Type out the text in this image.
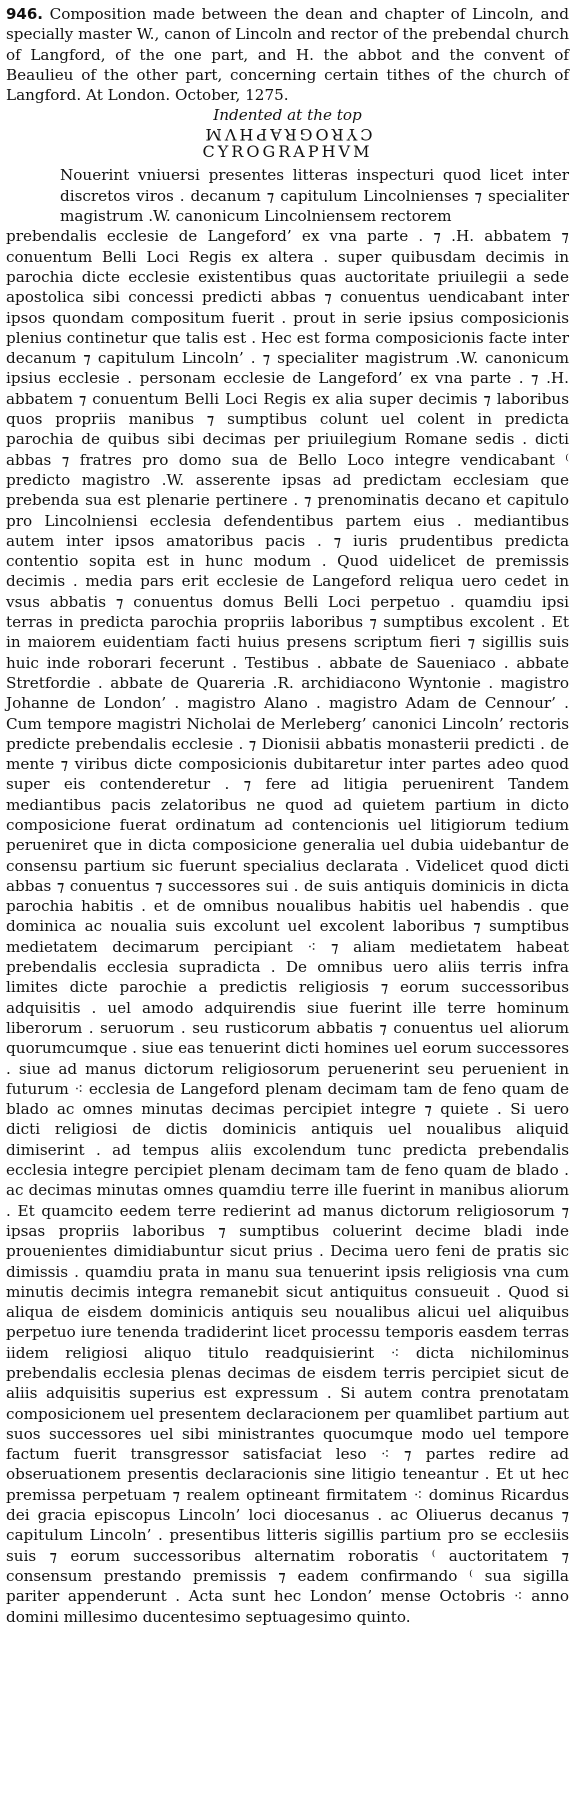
946. Composition made between the dean and chapter of Lincoln, and specially master W., canon of Lincoln and rector of the prebendal church of Langford, of the one part, and H. the abbot and the convent of Beaulieu of the other part, concerning certain tithes of the church of Langford. At London. October, 1275.

Indented at the top

CYROGRAPHVM
CYROGRAPHVM

Nouerint vniuersi presentes litteras inspecturi quod licet inter discretos viros . decanum ⁊ capitulum Lincolnienses ⁊ specialiter magistrum .W. canonicum Lincolniensem rectorem

prebendalis ecclesie de Langeford’ ex vna parte . ⁊ .H. abbatem ⁊ conuentum Belli Loci Regis ex altera . super quibusdam decimis in parochia dicte ecclesie existentibus quas auctoritate priuilegii a sede apostolica sibi concessi predicti abbas ⁊ conuentus uendicabant inter ipsos quondam compositum fuerit . prout in serie ipsius composicionis plenius continetur que talis est . Hec est forma composicionis facte inter decanum ⁊ capitulum Lincoln’ . ⁊ specialiter magistrum .W. canonicum ipsius ecclesie . personam ecclesie de Langeford’ ex vna parte . ⁊ .H. abbatem ⁊ conuentum Belli Loci Regis ex alia super decimis ⁊ laboribus quos propriis manibus ⁊ sumptibus colunt uel colent in predicta parochia de quibus sibi decimas per priuilegium Romane sedis . dicti abbas ⁊ fratres pro domo sua de Bello Loco integre vendicabant ⁽ predicto magistro .W. asserente ipsas ad predictam ecclesiam que prebenda sua est plenarie pertinere . ⁊ prenominatis decano et capitulo pro Lincolniensi ecclesia defendentibus partem eius . mediantibus autem inter ipsos amatoribus pacis . ⁊ iuris prudentibus predicta contentio sopita est in hunc modum . Quod uidelicet de premissis decimis . media pars erit ecclesie de Langeford reliqua uero cedet in vsus abbatis ⁊ conuentus domus Belli Loci perpetuo . quamdiu ipsi terras in predicta parochia propriis laboribus ⁊ sumptibus excolent . Et in maiorem euidentiam facti huius presens scriptum fieri ⁊ sigillis suis huic inde roborari fecerunt . Testibus . abbate de Saueniaco . abbate Stretfordie . abbate de Quareria .R. archidiacono Wyntonie . magistro Johanne de London’ . magistro Alano . magistro Adam de Cennour’ . Cum tempore magistri Nicholai de Merleberg’ canonici Lincoln’ rectoris predicte prebendalis ecclesie . ⁊ Dionisii abbatis monasterii predicti . de mente ⁊ viribus dicte composicionis dubitaretur inter partes adeo quod super eis contenderetur . ⁊ fere ad litigia peruenirent Tandem mediantibus pacis zelatoribus ne quod ad quietem partium in dicto composicione fuerat ordinatum ad contencionis uel litigiorum tedium perueniret que in dicta composicione generalia uel dubia uidebantur de consensu partium sic fuerunt specialius declarata . Videlicet quod dicti abbas ⁊ conuentus ⁊ successores sui . de suis antiquis dominicis in dicta parochia habitis . et de omnibus noualibus habitis uel habendis . que dominica ac noualia suis excolunt uel excolent laboribus ⁊ sumptibus medietatem decimarum percipiant ⁖ ⁊ aliam medietatem habeat prebendalis ecclesia supradicta . De omnibus uero aliis terris infra limites dicte parochie a predictis religiosis ⁊ eorum successoribus adquisitis . uel amodo adquirendis siue fuerint ille terre hominum liberorum . seruorum . seu rusticorum abbatis ⁊ conuentus uel aliorum quorumcumque . siue eas tenuerint dicti homines uel eorum successores . siue ad manus dictorum religiosorum peruenerint seu peruenient in futurum ⁖ ecclesia de Langeford plenam decimam tam de feno quam de blado ac omnes minutas decimas percipiet integre ⁊ quiete . Si uero dicti religiosi de dictis dominicis antiquis uel noualibus aliquid dimiserint . ad tempus aliis excolendum tunc predicta prebendalis ecclesia integre percipiet plenam decimam tam de feno quam de blado . ac decimas minutas omnes quamdiu terre ille fuerint in manibus aliorum . Et quamcito eedem terre redierint ad manus dictorum religiosorum ⁊ ipsas propriis laboribus ⁊ sumptibus coluerint decime bladi inde prouenientes dimidiabuntur sicut prius . Decima uero feni de pratis sic dimissis . quamdiu prata in manu sua tenuerint ipsis religiosis vna cum minutis decimis integra remanebit sicut antiquitus consueuit . Quod si aliqua de eisdem dominicis antiquis seu noualibus alicui uel aliquibus perpetuo iure tenenda tradiderint licet processu temporis easdem terras iidem religiosi aliquo titulo readquisierint ⁖ dicta nichilominus prebendalis ecclesia plenas decimas de eisdem terris percipiet sicut de aliis adquisitis superius est expressum . Si autem contra prenotatam composicionem uel presentem declaracionem per quamlibet partium aut suos successores uel sibi ministrantes quocumque modo uel tempore factum fuerit transgressor satisfaciat leso ⁖ ⁊ partes redire ad obseruationem presentis declaracionis sine litigio teneantur . Et ut hec premissa perpetuam ⁊ realem optineant firmitatem ⁖ dominus Ricardus dei gracia episcopus Lincoln’ loci diocesanus . ac Oliuerus decanus ⁊ capitulum Lincoln’ . presentibus litteris sigillis partium pro se ecclesiis suis ⁊ eorum successoribus alternatim roboratis ⁽ auctoritatem ⁊ consensum prestando premissis ⁊ eadem confirmando ⁽ sua sigilla pariter appenderunt . Acta sunt hec London’ mense Octobris ⁖ anno domini millesimo ducentesimo septuagesimo quinto.
